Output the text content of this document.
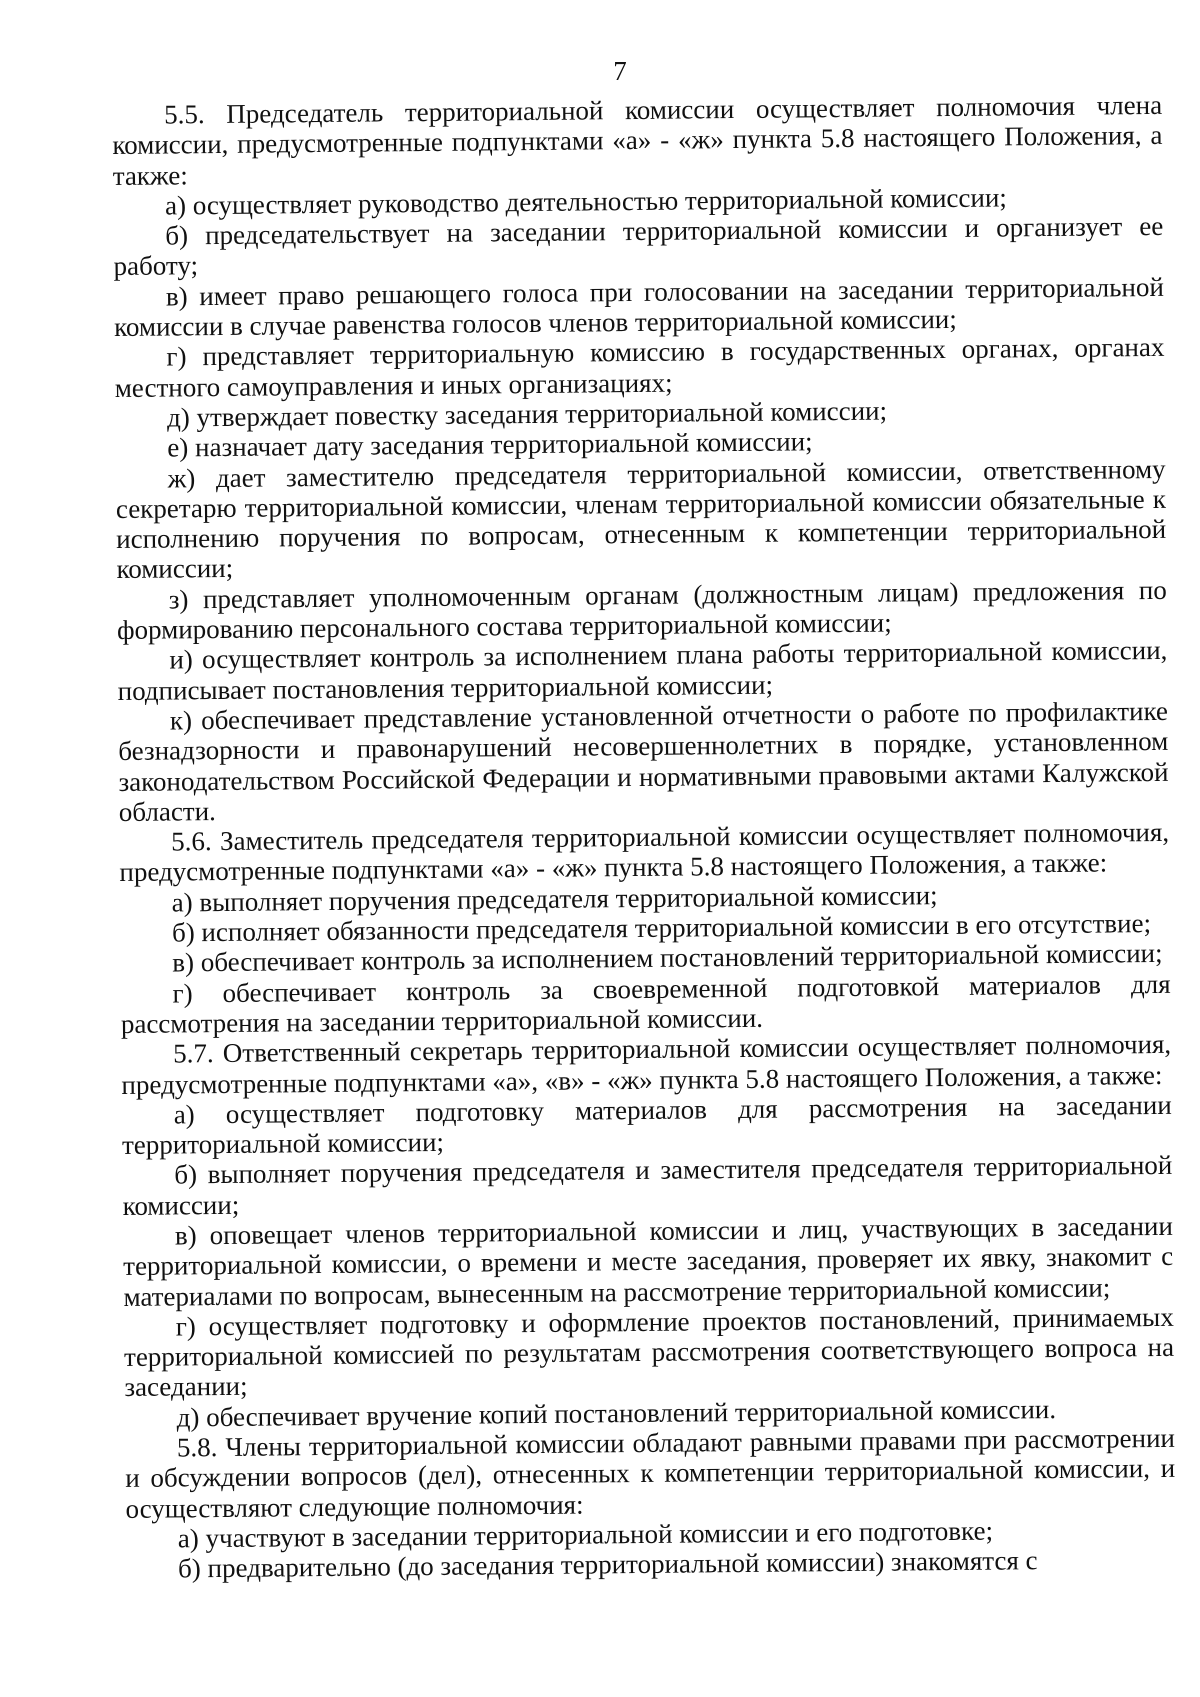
7

5.5. Председатель территориальной комиссии осуществляет полномочия члена комиссии, предусмотренные подпунктами «а» - «ж» пункта 5.8 настоящего Положения, а также:

а) осуществляет руководство деятельностью территориальной комиссии;

б) председательствует на заседании территориальной комиссии и организует ее работу;

в) имеет право решающего голоса при голосовании на заседании территориальной комиссии в случае равенства голосов членов территориальной комиссии;

г) представляет территориальную комиссию в государственных органах, органах местного самоуправления и иных организациях;

д) утверждает повестку заседания территориальной комиссии;

е) назначает дату заседания территориальной комиссии;

ж) дает заместителю председателя территориальной комиссии, ответственному секретарю территориальной комиссии, членам территориальной комиссии обязательные к исполнению поручения по вопросам, отнесенным к компетенции территориальной комиссии;

з) представляет уполномоченным органам (должностным лицам) предложения по формированию персонального состава территориальной комиссии;

и) осуществляет контроль за исполнением плана работы территориальной комиссии, подписывает постановления территориальной комиссии;

к) обеспечивает представление установленной отчетности о работе по профилактике безнадзорности и правонарушений несовершеннолетних в порядке, установленном законодательством Российской Федерации и нормативными правовыми актами Калужской области.

5.6. Заместитель председателя территориальной комиссии осуществляет полномочия, предусмотренные подпунктами «а» - «ж» пункта 5.8 настоящего Положения, а также:

а) выполняет поручения председателя территориальной комиссии;

б) исполняет обязанности председателя территориальной комиссии в его отсутствие;

в) обеспечивает контроль за исполнением постановлений территориальной комиссии;

г) обеспечивает контроль за своевременной подготовкой материалов для рассмотрения на заседании территориальной комиссии.

5.7. Ответственный секретарь территориальной комиссии осуществляет полномочия, предусмотренные подпунктами «а», «в» - «ж» пункта 5.8 настоящего Положения, а также:

а) осуществляет подготовку материалов для рассмотрения на заседании территориальной комиссии;

б) выполняет поручения председателя и заместителя председателя территориальной комиссии;

в) оповещает членов территориальной комиссии и лиц, участвующих в заседании территориальной комиссии, о времени и месте заседания, проверяет их явку, знакомит с материалами по вопросам, вынесенным на рассмотрение территориальной комиссии;

г) осуществляет подготовку и оформление проектов постановлений, принимаемых территориальной комиссией по результатам рассмотрения соответствующего вопроса на заседании;

д) обеспечивает вручение копий постановлений территориальной комиссии.

5.8. Члены территориальной комиссии обладают равными правами при рассмотрении и обсуждении вопросов (дел), отнесенных к компетенции территориальной комиссии, и осуществляют следующие полномочия:

а) участвуют в заседании территориальной комиссии и его подготовке;

б) предварительно (до заседания территориальной комиссии) знакомятся с
